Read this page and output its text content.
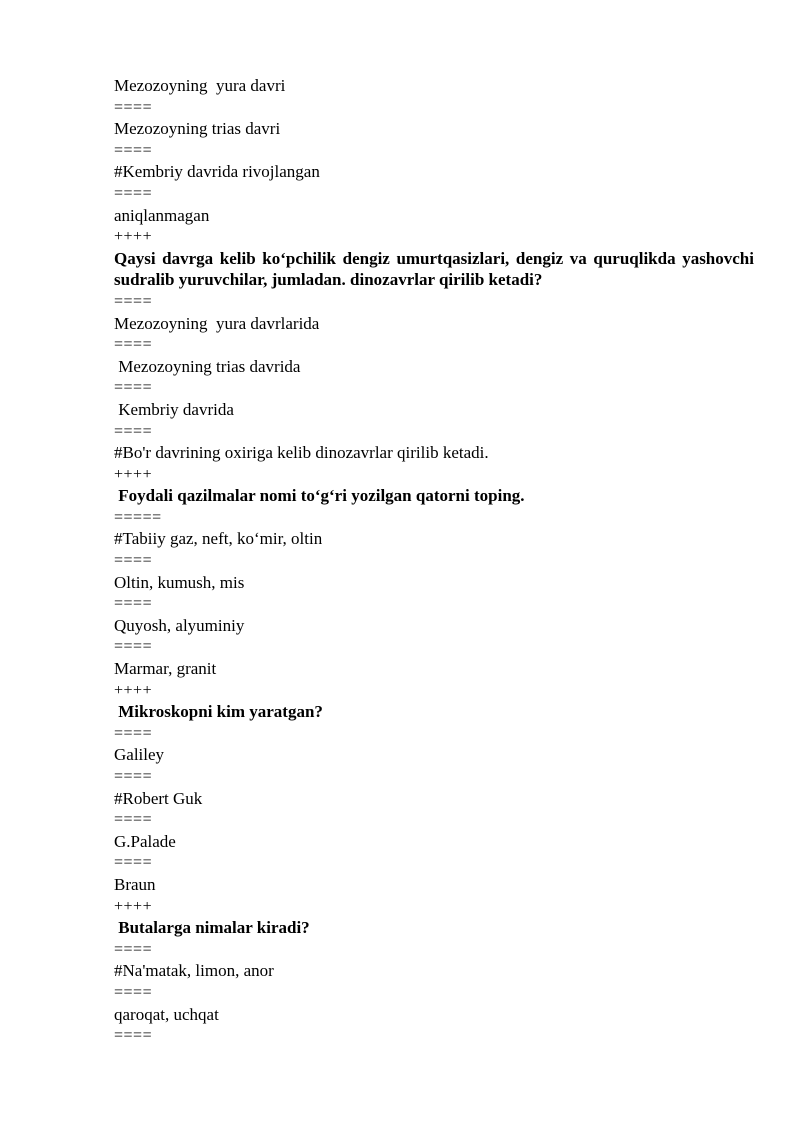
Mezozoyning  yura davri
====
Mezozoyning trias davri
====
#Kembriy davrida rivojlangan
====
aniqlanmagan
++++
Qaysi davrga kelib ko‘pchilik dengiz umurtqasizlari, dengiz va quruqlikda yashovchi sudralib yuruvchilar, jumladan. dinozavrlar qirilib ketadi?
====
Mezozoyning  yura davrlarida
====
Mezozoyning trias davrida
====
Kembriy davrida
====
#Bo'r davrining oxiriga kelib dinozavrlar qirilib ketadi.
++++
Foydali qazilmalar nomi to‘g‘ri yozilgan qatorni toping.
=====
#Tabiiy gaz, neft, ko‘mir, oltin
====
Oltin, kumush, mis
====
Quyosh, alyuminiy
====
Marmar, granit
++++
Mikroskopni kim yaratgan?
====
Galiley
====
#Robert Guk
====
G.Palade
====
Braun
++++
Butalarga nimalar kiradi?
====
#Na'matak, limon, anor
====
qaroqat, uchqat
====
